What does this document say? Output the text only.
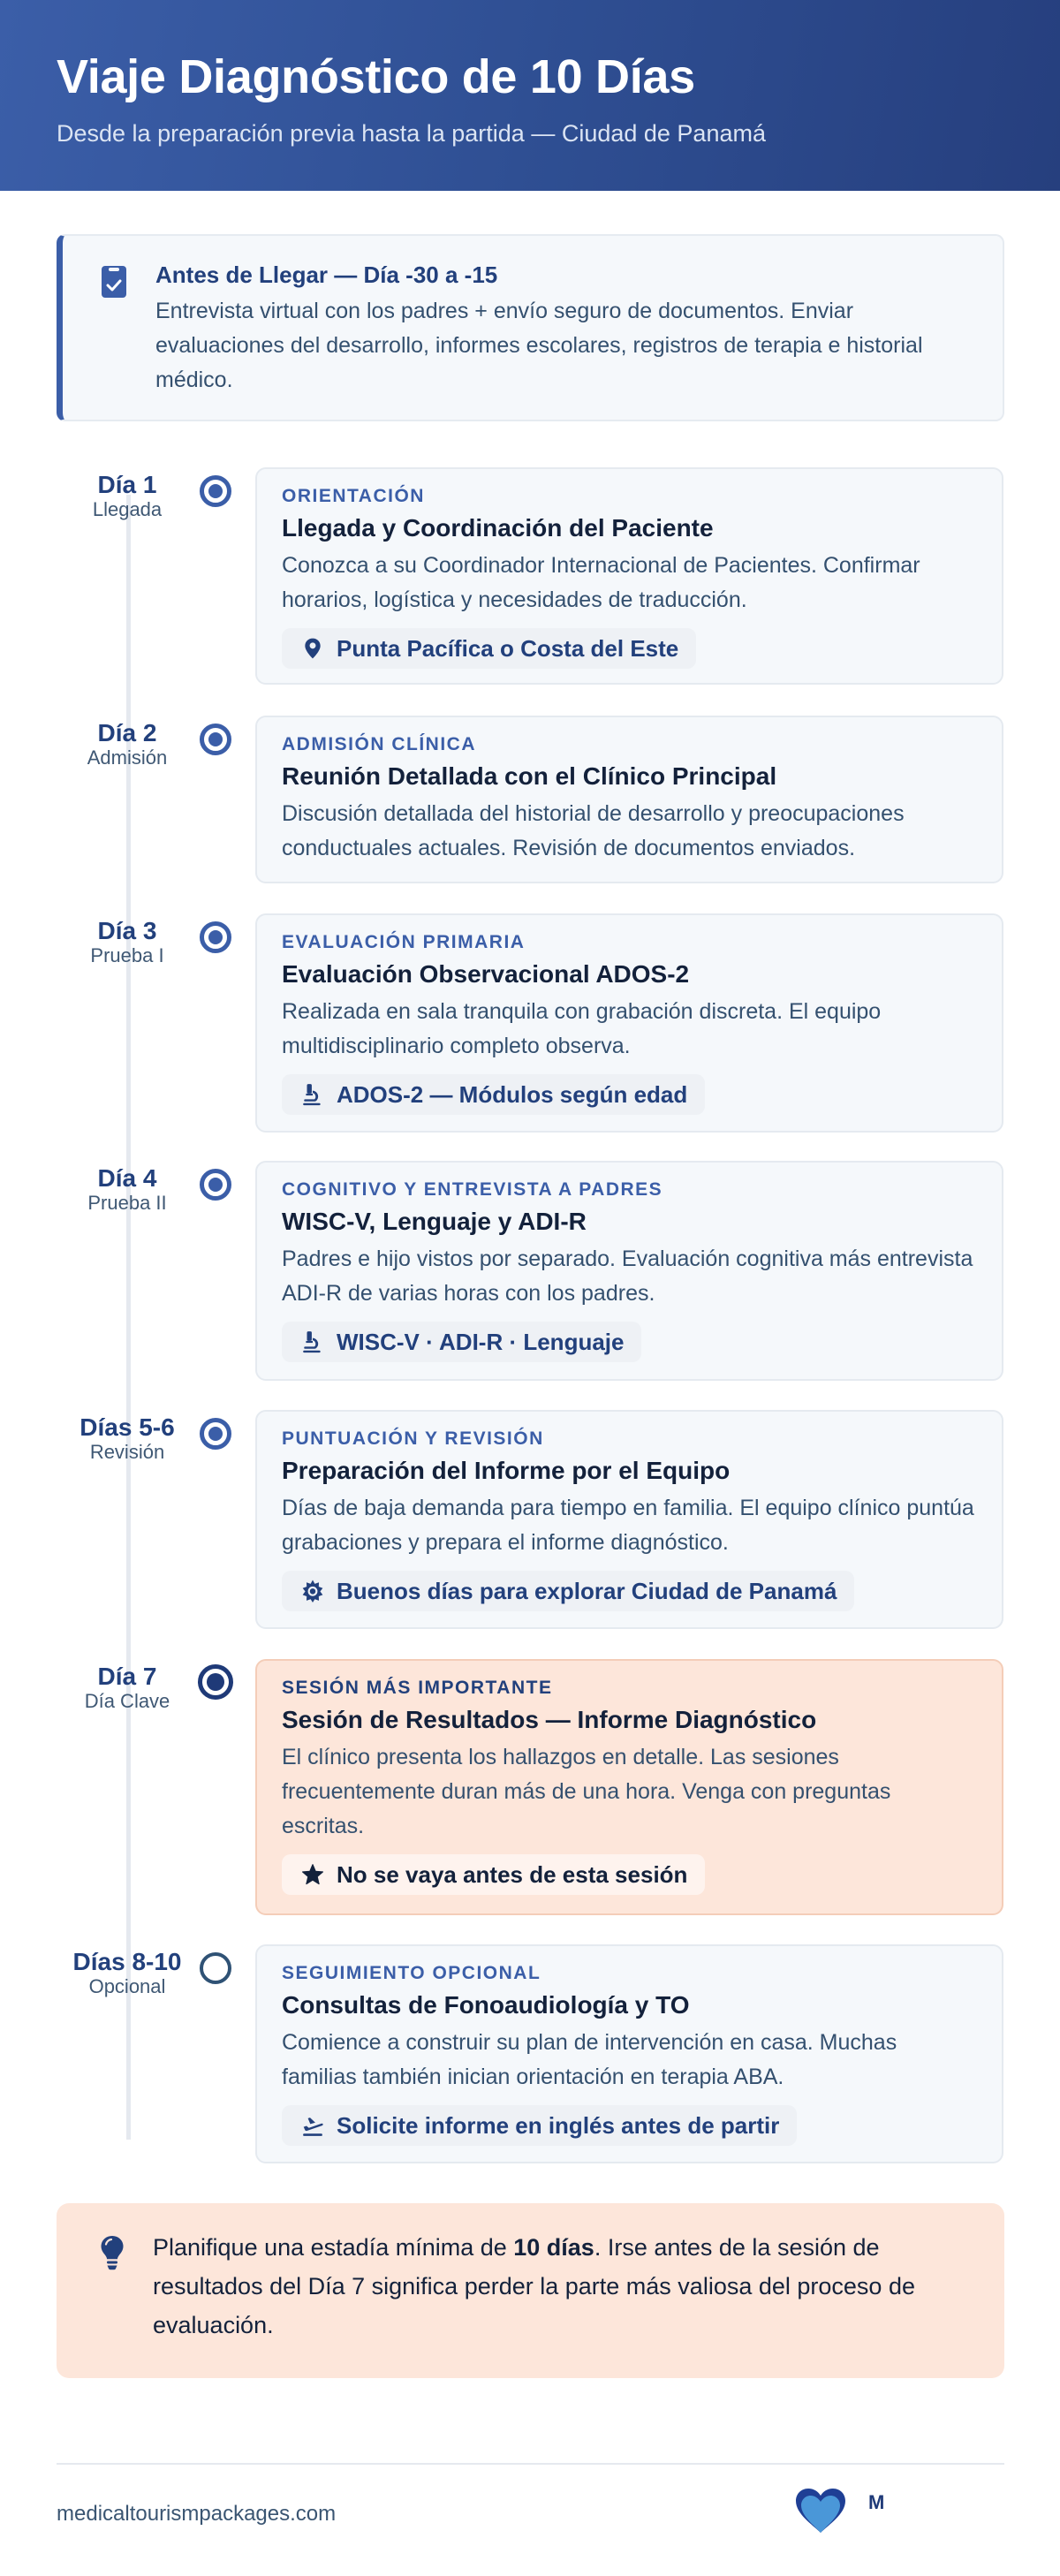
Viaje Diagnóstico de 10 Días

Desde la preparación previa hasta la partida — Ciudad de Panamá

Antes de Llegar — Día -30 a -15
Entrevista virtual con los padres + envío seguro de documentos. Enviar evaluaciones del desarrollo, informes escolares, registros de terapia e historial médico.
Día 1
Llegada
ORIENTACIÓN
Llegada y Coordinación del Paciente
Conozca a su Coordinador Internacional de Pacientes. Confirmar horarios, logística y necesidades de traducción.
Punta Pacífica o Costa del Este
Día 2
Admisión
ADMISIÓN CLÍNICA
Reunión Detallada con el Clínico Principal
Discusión detallada del historial de desarrollo y preocupaciones conductuales actuales. Revisión de documentos enviados.
Día 3
Prueba I
EVALUACIÓN PRIMARIA
Evaluación Observacional ADOS-2
Realizada en sala tranquila con grabación discreta. El equipo multidisciplinario completo observa.
ADOS-2 — Módulos según edad
Día 4
Prueba II
COGNITIVO Y ENTREVISTA A PADRES
WISC-V, Lenguaje y ADI-R
Padres e hijo vistos por separado. Evaluación cognitiva más entrevista ADI-R de varias horas con los padres.
WISC-V · ADI-R · Lenguaje
Días 5-6
Revisión
PUNTUACIÓN Y REVISIÓN
Preparación del Informe por el Equipo
Días de baja demanda para tiempo en familia. El equipo clínico puntúa grabaciones y prepara el informe diagnóstico.
Buenos días para explorar Ciudad de Panamá
Día 7
Día Clave
SESIÓN MÁS IMPORTANTE
Sesión de Resultados — Informe Diagnóstico
El clínico presenta los hallazgos en detalle. Las sesiones frecuentemente duran más de una hora. Venga con preguntas escritas.
No se vaya antes de esta sesión
Días 8-10
Opcional
SEGUIMIENTO OPCIONAL
Consultas de Fonoaudiología y TO
Comience a construir su plan de intervención en casa. Muchas familias también inician orientación en terapia ABA.
Solicite informe en inglés antes de partir

Planifique una estadía mínima de 10 días. Irse antes de la sesión de resultados del Día 7 significa perder la parte más valiosa del proceso de evaluación.

medicaltourismpackages.com	M
